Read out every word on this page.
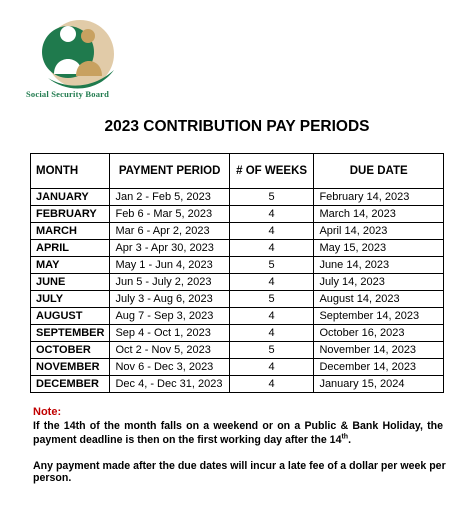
Social Security Board
2023 CONTRIBUTION PAY PERIODS
MONTH	PAYMENT PERIOD	# OF WEEKS	DUE DATE
JANUARY	Jan 2 - Feb 5, 2023	5	February 14, 2023
FEBRUARY	Feb 6 - Mar 5, 2023	4	March 14, 2023
MARCH	Mar 6 - Apr 2, 2023	4	April 14, 2023
APRIL	Apr 3 - Apr 30, 2023	4	May 15, 2023
MAY	May 1 - Jun 4, 2023	5	June 14, 2023
JUNE	Jun 5 - July 2, 2023	4	July 14, 2023
JULY	July 3 - Aug 6, 2023	5	August 14, 2023
AUGUST	Aug 7 - Sep 3, 2023	4	September 14, 2023
SEPTEMBER	Sep 4 - Oct 1, 2023	4	October 16, 2023
OCTOBER	Oct 2 - Nov 5, 2023	5	November 14, 2023
NOVEMBER	Nov 6 - Dec 3, 2023	4	December 14, 2023
DECEMBER	Dec 4, - Dec 31, 2023	4	January 15, 2024
Note:
If the 14th of the month falls on a weekend or on a Public & Bank Holiday, the payment deadline is then on the first working day after the 14th.
Any payment made after the due dates will incur a late fee of a dollar per week per person.
